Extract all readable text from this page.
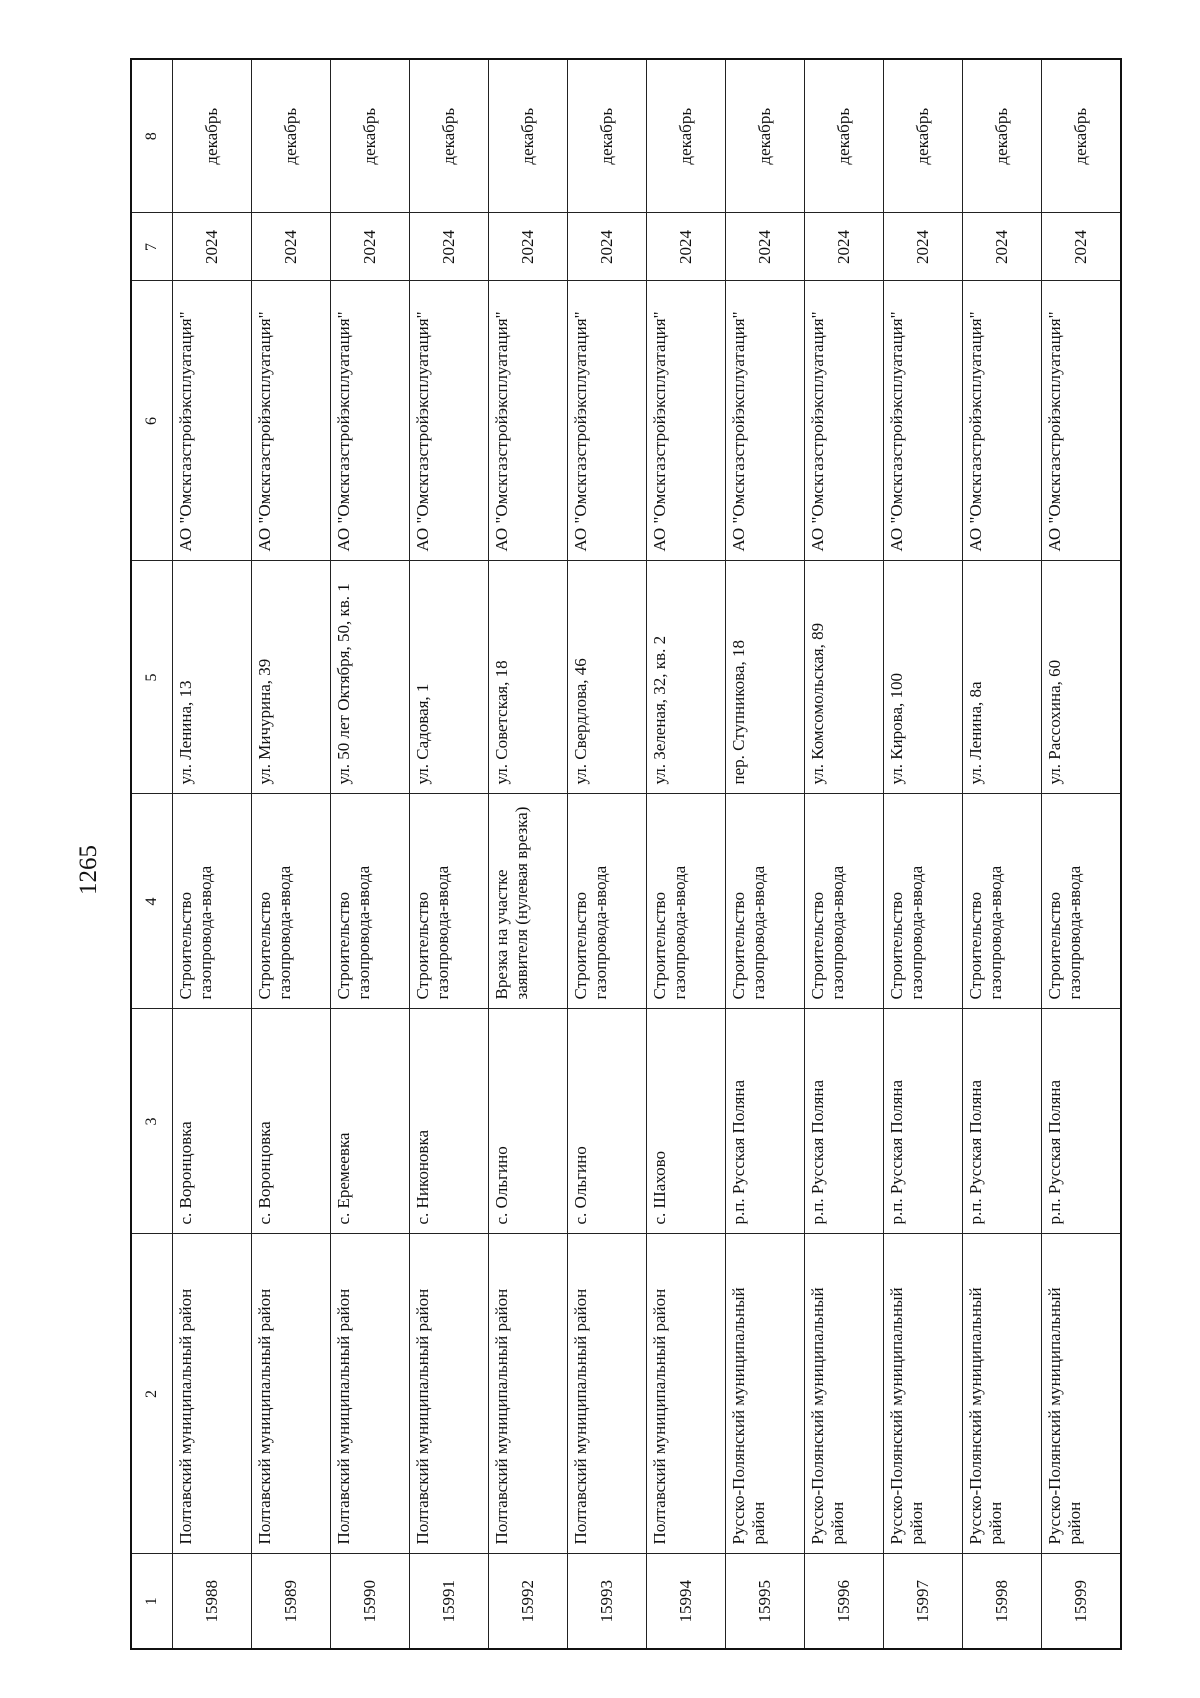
1265
1	2	3	4	5	6	7	8
15988	Полтавский муниципальный район	с. Воронцовка	Строительство газопровода-ввода	ул. Ленина, 13	АО "Омскгазстройэксплуатация"	2024	декабрь
15989	Полтавский муниципальный район	с. Воронцовка	Строительство газопровода-ввода	ул. Мичурина, 39	АО "Омскгазстройэксплуатация"	2024	декабрь
15990	Полтавский муниципальный район	с. Еремеевка	Строительство газопровода-ввода	ул. 50 лет Октября, 50, кв. 1	АО "Омскгазстройэксплуатация"	2024	декабрь
15991	Полтавский муниципальный район	с. Никоновка	Строительство газопровода-ввода	ул. Садовая, 1	АО "Омскгазстройэксплуатация"	2024	декабрь
15992	Полтавский муниципальный район	с. Ольгино	Врезка на участке заявителя (нулевая врезка)	ул. Советская, 18	АО "Омскгазстройэксплуатация"	2024	декабрь
15993	Полтавский муниципальный район	с. Ольгино	Строительство газопровода-ввода	ул. Свердлова, 46	АО "Омскгазстройэксплуатация"	2024	декабрь
15994	Полтавский муниципальный район	с. Шахово	Строительство газопровода-ввода	ул. Зеленая, 32, кв. 2	АО "Омскгазстройэксплуатация"	2024	декабрь
15995	Русско-Полянский муниципальный район	р.п. Русская Поляна	Строительство газопровода-ввода	пер. Ступникова, 18	АО "Омскгазстройэксплуатация"	2024	декабрь
15996	Русско-Полянский муниципальный район	р.п. Русская Поляна	Строительство газопровода-ввода	ул. Комсомольская, 89	АО "Омскгазстройэксплуатация"	2024	декабрь
15997	Русско-Полянский муниципальный район	р.п. Русская Поляна	Строительство газопровода-ввода	ул. Кирова, 100	АО "Омскгазстройэксплуатация"	2024	декабрь
15998	Русско-Полянский муниципальный район	р.п. Русская Поляна	Строительство газопровода-ввода	ул. Ленина, 8а	АО "Омскгазстройэксплуатация"	2024	декабрь
15999	Русско-Полянский муниципальный район	р.п. Русская Поляна	Строительство газопровода-ввода	ул. Рассохина, 60	АО "Омскгазстройэксплуатация"	2024	декабрь
